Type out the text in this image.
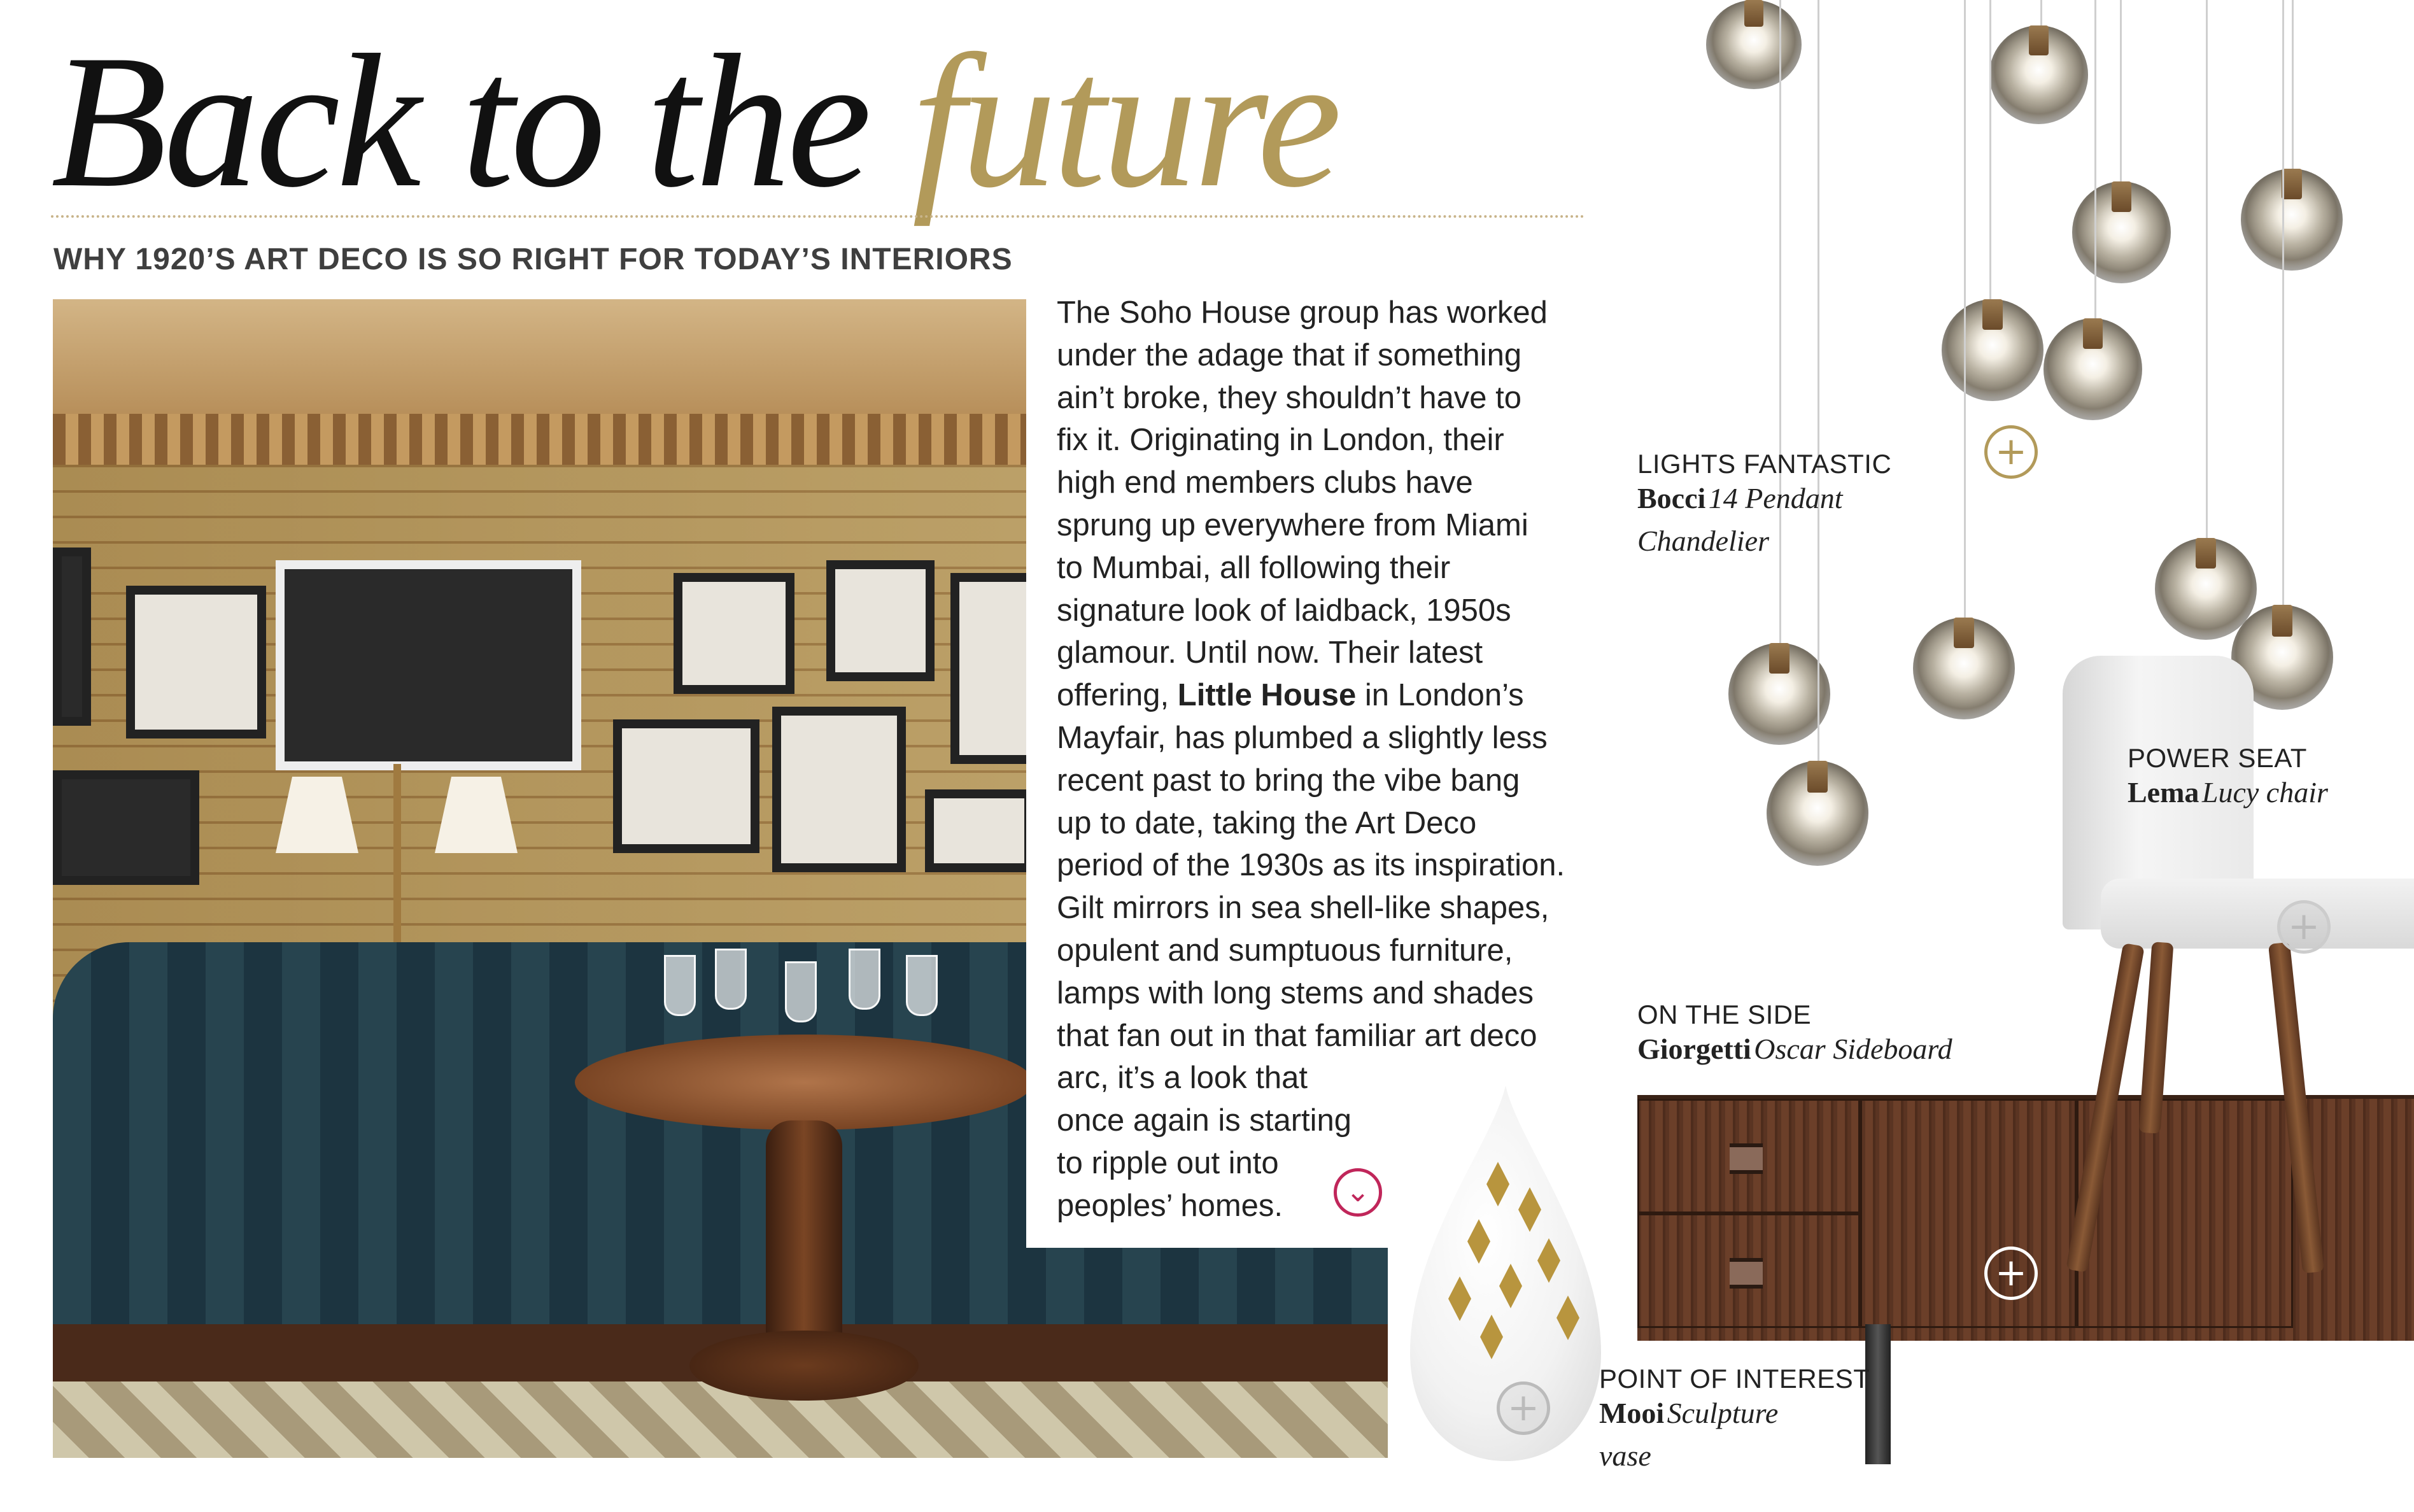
Back to the future
WHY 1920’S ART DECO IS SO RIGHT FOR TODAY’S INTERIORS
The Soho House group has worked
under the adage that if something
ain’t broke, they shouldn’t have to
fix it. Originating in London, their
high end members clubs have
sprung up everywhere from Miami
to Mumbai, all following their
signature look of laidback, 1950s
glamour. Until now. Their latest
offering, Little House in London’s
Mayfair, has plumbed a slightly less
recent past to bring the vibe bang
up to date, taking the Art Deco
period of the 1930s as its inspiration.
Gilt mirrors in sea shell-like shapes,
opulent and sumptuous furniture,
lamps with long stems and shades
that fan out in that familiar art deco
arc, it’s a look that
once again is starting
to ripple out into
peoples’ homes.	⌄
+
LIGHTS FANTASTIC
Bocci 14 Pendant
Chandelier
+
+
POWER SEAT
Lema Lucy chair
ON THE SIDE
Giorgetti Oscar Sideboard
+
POINT OF INTEREST
Mooi Sculpture
vase
